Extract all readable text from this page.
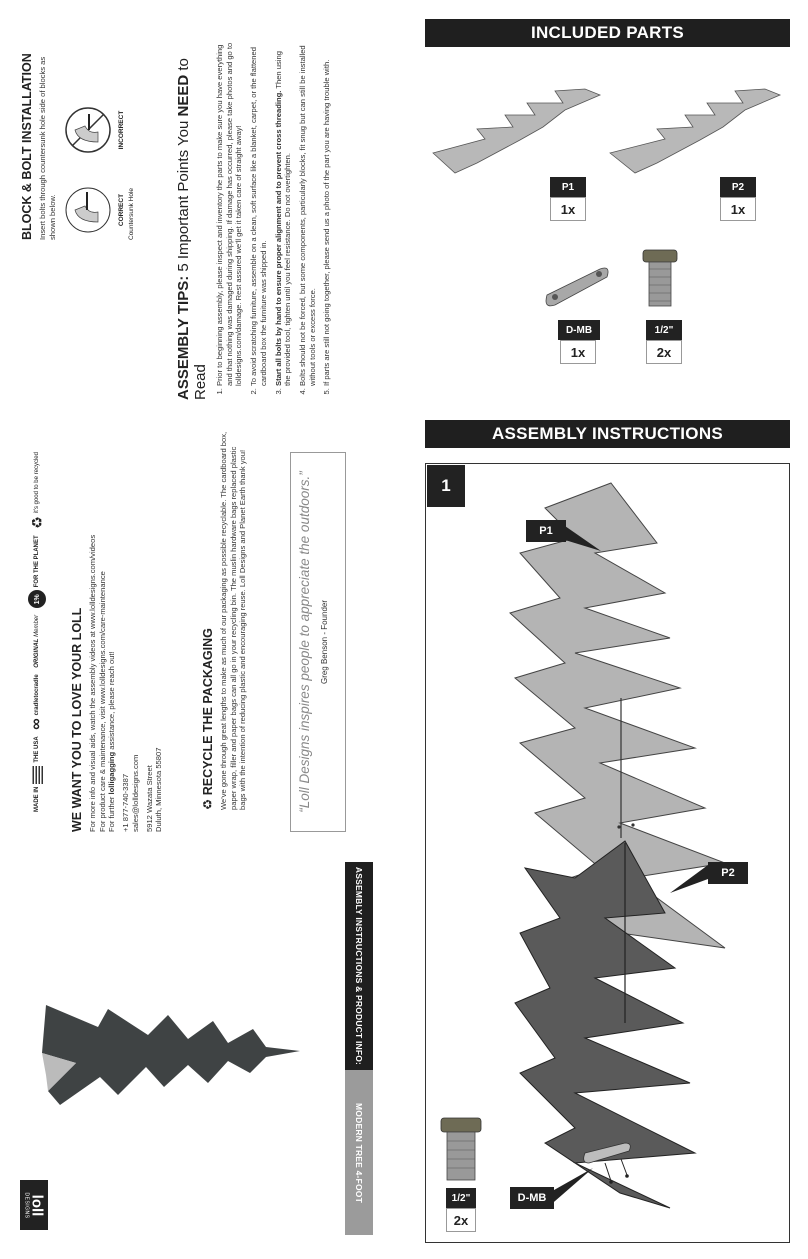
INCLUDED PARTS
P1
1x
P2
1x
D-MB
1x
1/2"
2x
ASSEMBLY INSTRUCTIONS
1
P1
P2
D-MB
1/2"
2x
ASSEMBLY TIPS: 5 Important Points You NEED to Read 1. Prior to beginning assembly, please inspect and inventory the parts to make sure you have everything and that nothing was damaged during shipping. If damage has occurred, please take photos and go to lolldesigns.com/damage. Rest assured we'll get it taken care of straight away! 2. To avoid scratching furniture, assemble on a clean, soft surface like a blanket, carpet, or the flattened cardboard box the furniture was shipped in. 3. Start all bolts by hand to ensure proper alignment and to prevent cross threading. Then using the provided tool, tighten until you feel resistance. Do not overtighten. 4. Bolts should not be forced, but some components, particularly blocks, fit snug but can still be installed without tools or excess force. 5. If parts are still not going together, please send us a photo of the part you are having trouble with.
BLOCK & BOLT INSTALLATION Insert bolts through countersunk hole side of blocks as shown below.	CORRECT
INCORRECT
Countersunk Hole
“Loll Designs inspires people to appreciate the outdoors.” Greg Benson - Founder
♻ RECYCLE THE PACKAGING We've gone through great lengths to make as much of our packaging as possible recyclable. The cardboard box, paper wrap, filler and paper bags can all go in your recycling bin. The muslin hardware bags replaced plastic bags with the intention of reducing plastic and encouraging reuse. Loll Designs and Planet Earth thank you!

WE WANT YOU TO LOVE YOUR LOLL For more info and visual aids, watch the assembly videos at www.lolldesigns.com/videos For product care & maintenance, visit www.lolldesigns.com/care-maintenance For further lolligagging assistance, please reach out!

+1 877-740-3387 sales@lolldesigns.com 5912 Wazata Street Duluth, Minnesota 55807

MADE IN
THE USA
∞
cradletocradle
ORIGINAL Member
1%
FOR THE PLANET
♻
it's good to be recycled
ASSEMBLY INSTRUCTIONS & PRODUCT INFO:
MODERN TREE 4-FOOT
loll
DESIGNS
